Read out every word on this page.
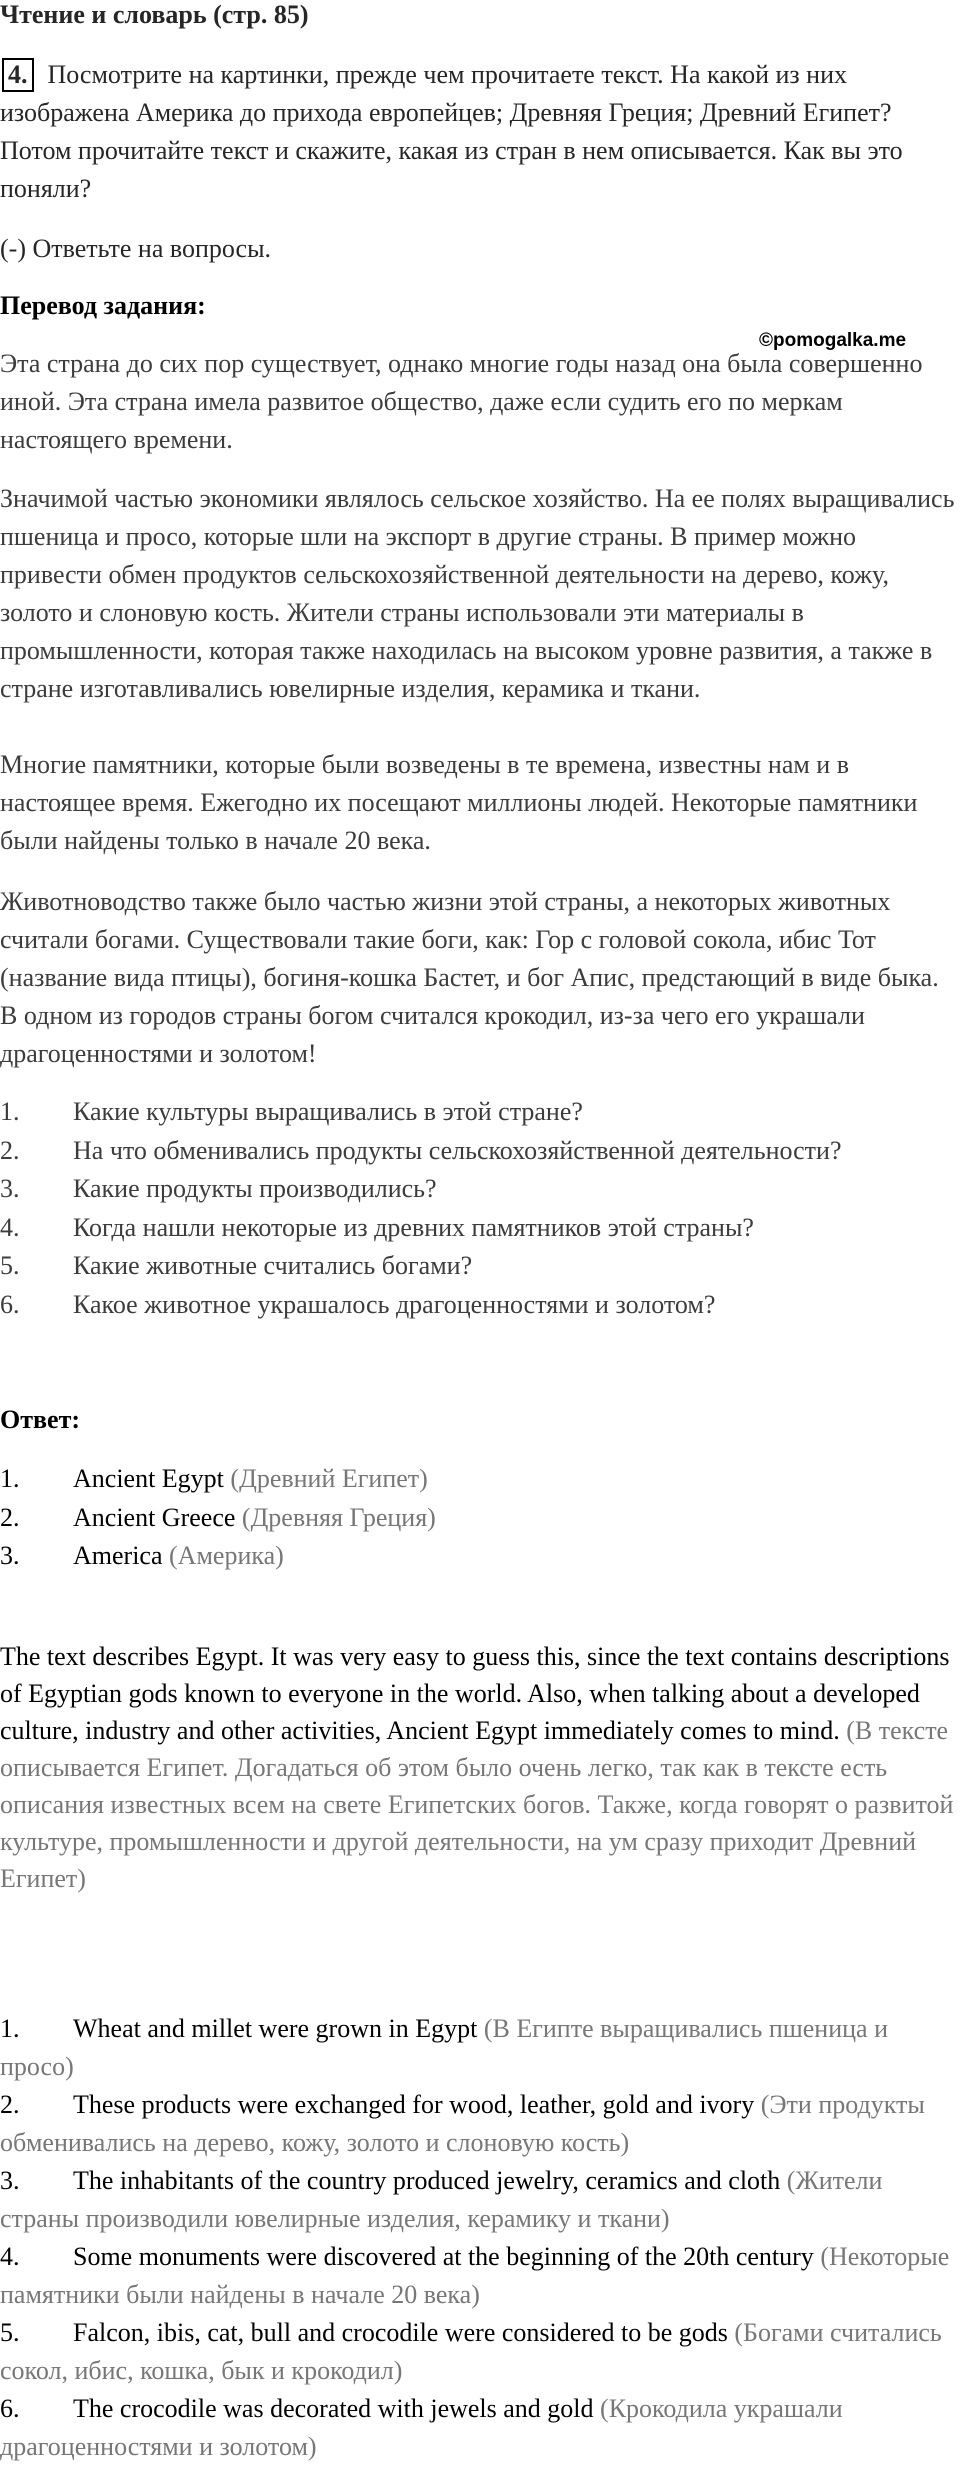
Чтение и словарь (стр. 85)
4. Посмотрите на картинки, прежде чем прочитаете текст. На какой из них изображена Америка до прихода европейцев; Древняя Греция; Древний Египет? Потом прочитайте текст и скажите, какая из стран в нем описывается. Как вы это поняли?
(-) Ответьте на вопросы.
Перевод задания:
©pomogalka.me
Эта страна до сих пор существует, однако многие годы назад она была совершенно иной. Эта страна имела развитое общество, даже если судить его по меркам настоящего времени.
Значимой частью экономики являлось сельское хозяйство. На ее полях выращивались пшеница и просо, которые шли на экспорт в другие страны. В пример можно привести обмен продуктов сельскохозяйственной деятельности на дерево, кожу, золото и слоновую кость. Жители страны использовали эти материалы в промышленности, которая также находилась на высоком уровне развития, а также в стране изготавливались ювелирные изделия, керамика и ткани.
Многие памятники, которые были возведены в те времена, известны нам и в настоящее время. Ежегодно их посещают миллионы людей. Некоторые памятники были найдены только в начале 20 века.
Животноводство также было частью жизни этой страны, а некоторых животных считали богами. Существовали такие боги, как: Гор с головой сокола, ибис Тот (название вида птицы), богиня-кошка Бастет, и бог Апис, предстающий в виде быка. В одном из городов страны богом считался крокодил, из-за чего его украшали драгоценностями и золотом!
1. Какие культуры выращивались в этой стране?
2. На что обменивались продукты сельскохозяйственной деятельности?
3. Какие продукты производились?
4. Когда нашли некоторые из древних памятников этой страны?
5. Какие животные считались богами?
6. Какое животное украшалось драгоценностями и золотом?
Ответ:
1. Ancient Egypt (Древний Египет)
2. Ancient Greece (Древняя Греция)
3. America (Америка)
The text describes Egypt. It was very easy to guess this, since the text contains descriptions of Egyptian gods known to everyone in the world. Also, when talking about a developed culture, industry and other activities, Ancient Egypt immediately comes to mind. (В тексте описывается Египет. Догадаться об этом было очень легко, так как в тексте есть описания известных всем на свете Египетских богов. Также, когда говорят о развитой культуре, промышленности и другой деятельности, на ум сразу приходит Древний Египет)
1. Wheat and millet were grown in Egypt (В Египте выращивались пшеница и просо)
2. These products were exchanged for wood, leather, gold and ivory (Эти продукты обменивались на дерево, кожу, золото и слоновую кость)
3. The inhabitants of the country produced jewelry, ceramics and cloth (Жители страны производили ювелирные изделия, керамику и ткани)
4. Some monuments were discovered at the beginning of the 20th century (Некоторые памятники были найдены в начале 20 века)
5. Falcon, ibis, cat, bull and crocodile were considered to be gods (Богами считались сокол, ибис, кошка, бык и крокодил)
6. The crocodile was decorated with jewels and gold (Крокодила украшали драгоценностями и золотом)
